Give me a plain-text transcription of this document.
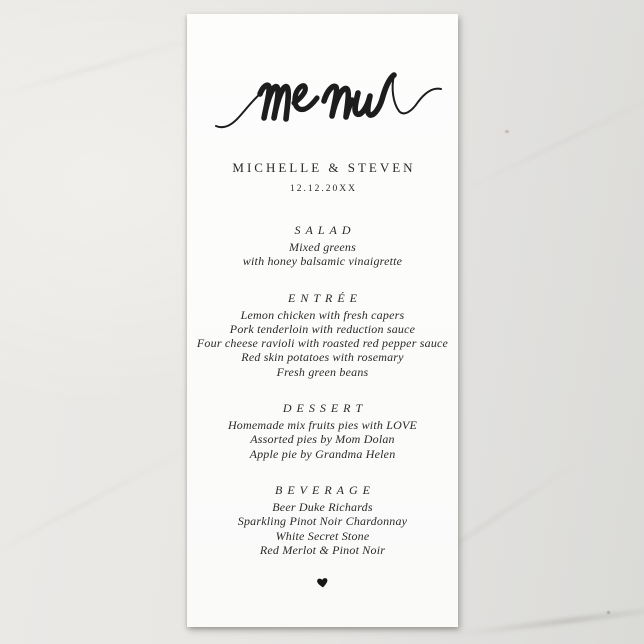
MICHELLE & STEVEN
12.12.20XX
SALAD

Mixed greens

with honey balsamic vinaigrette

ENTRÉE

Lemon chicken with fresh capers

Pork tenderloin with reduction sauce

Four cheese ravioli with roasted red pepper sauce

Red skin potatoes with rosemary

Fresh green beans

DESSERT

Homemade mix fruits pies with LOVE

Assorted pies by Mom Dolan

Apple pie by Grandma Helen

BEVERAGE

Beer Duke Richards

Sparkling Pinot Noir Chardonnay

White Secret Stone

Red Merlot & Pinot Noir
